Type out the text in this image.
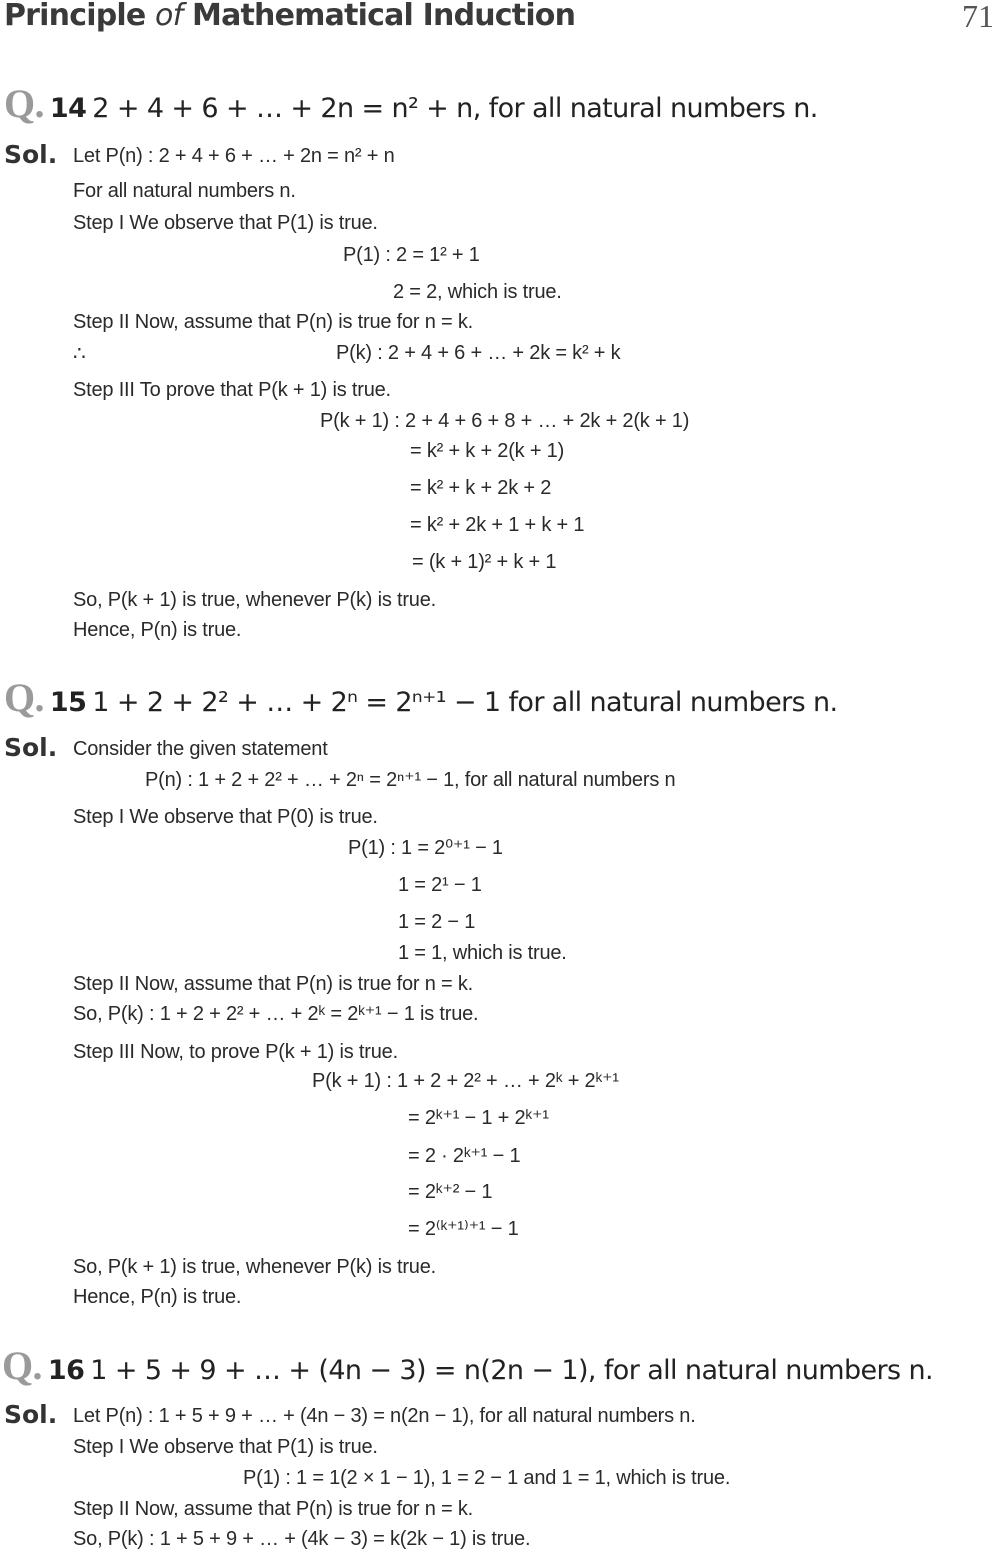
Principle of Mathematical Induction	71
Q. 14 2 + 4 + 6 + … + 2n = n² + n, for all natural numbers n.
Sol. Let P(n) : 2 + 4 + 6 + … + 2n = n² + n
For all natural numbers n.
Step I We observe that P(1) is true.
P(1) : 2 = 1² + 1
2 = 2, which is true.
Step II Now, assume that P(n) is true for n = k.
∴	P(k) : 2 + 4 + 6 + … + 2k = k² + k
Step III To prove that P(k + 1) is true.
P(k + 1) : 2 + 4 + 6 + 8 + … + 2k + 2(k + 1)
= k² + k + 2(k + 1)
= k² + k + 2k + 2
= k² + 2k + 1 + k + 1
= (k + 1)² + k + 1
So, P(k + 1) is true, whenever P(k) is true.
Hence, P(n) is true.
Q. 15 1 + 2 + 2² + … + 2ⁿ = 2ⁿ⁺¹ − 1 for all natural numbers n.
Sol. Consider the given statement
P(n) : 1 + 2 + 2² + … + 2ⁿ = 2ⁿ⁺¹ − 1, for all natural numbers n
Step I We observe that P(0) is true.
P(1) : 1 = 2⁰⁺¹ − 1
1 = 2¹ − 1
1 = 2 − 1
1 = 1, which is true.
Step II Now, assume that P(n) is true for n = k.
So, P(k) : 1 + 2 + 2² + … + 2ᵏ = 2ᵏ⁺¹ − 1 is true.
Step III Now, to prove P(k + 1) is true.
P(k + 1) : 1 + 2 + 2² + … + 2ᵏ + 2ᵏ⁺¹
= 2ᵏ⁺¹ − 1 + 2ᵏ⁺¹
= 2 · 2ᵏ⁺¹ − 1
= 2ᵏ⁺² − 1
= 2⁽ᵏ⁺¹⁾⁺¹ − 1
So, P(k + 1) is true, whenever P(k) is true.
Hence, P(n) is true.
Q. 16 1 + 5 + 9 + … + (4n − 3) = n(2n − 1), for all natural numbers n.
Sol. Let P(n) : 1 + 5 + 9 + … + (4n − 3) = n(2n − 1), for all natural numbers n.
Step I We observe that P(1) is true.
P(1) : 1 = 1(2 × 1 − 1), 1 = 2 − 1 and 1 = 1, which is true.
Step II Now, assume that P(n) is true for n = k.
So, P(k) : 1 + 5 + 9 + … + (4k − 3) = k(2k − 1) is true.
